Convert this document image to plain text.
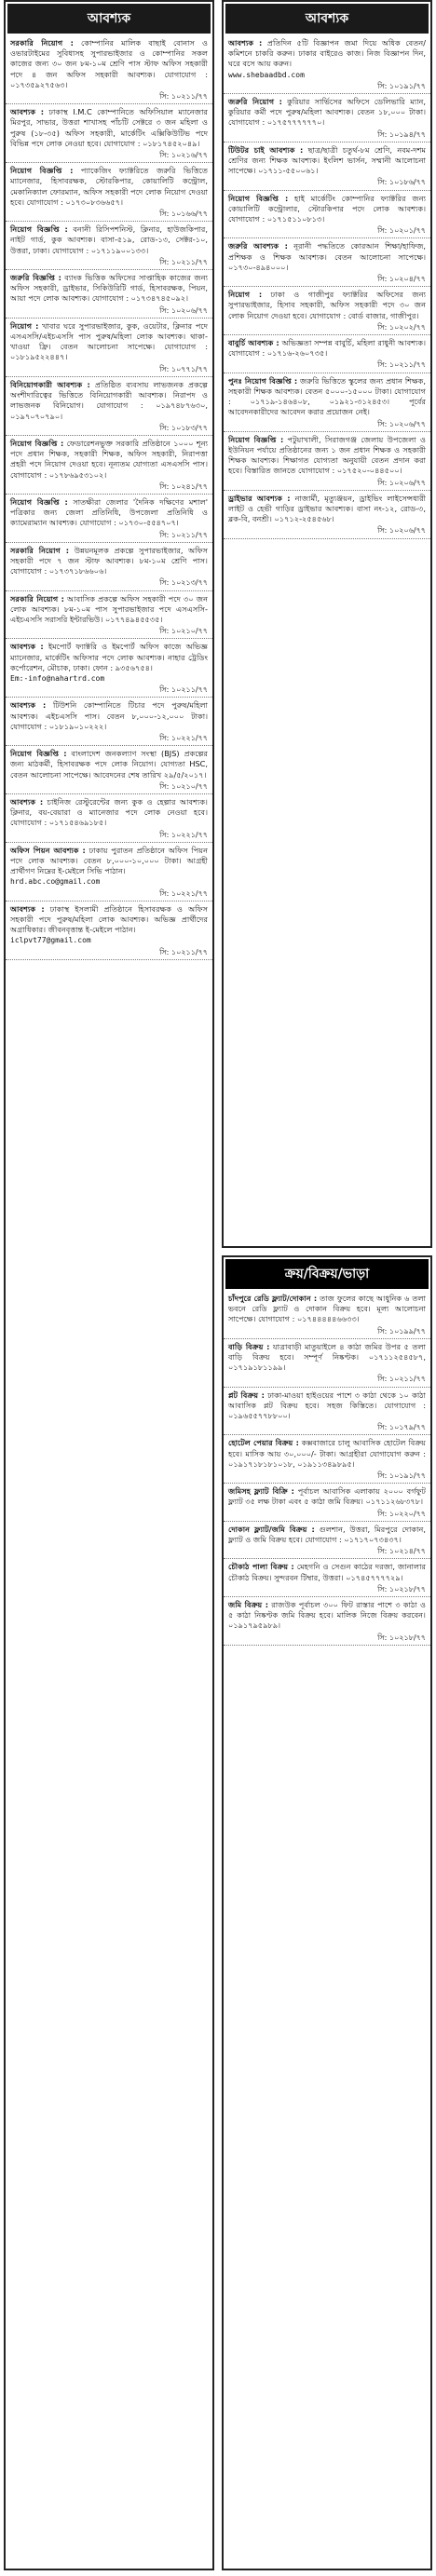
আবশ্যক
সরকারি নিয়োগ : কোম্পানির মালিক বাছাই বোনাস ও ওভারটাইমের সুবিধাসহ সুপারভাইজার ও কোম্পানির সকল কাজের জন্য ৩০ জন ৮ম-১০ম শ্রেণি পাস স্টাফ অফিস সহকারী পদে ৪ জন অফিস সহকারী আবশ্যক। যোগাযোগ : ০১৭৩৫৯২৭৫৬৩।
সি: ১০২১১/৭৭
আবশ্যক : ঢাকাস্থ I.M.C কোম্পানিতে অফিসিয়াল ম্যানেজার মিরপুর, সাভার, উত্তরা শাখাসহ পাঁচটি সেক্টরে ৩ জন মহিলা ও পুরুষ (১৮-৩৫) অফিস সহকারী, মার্কেটিং এক্সিকিউটিভ পদে বিভিন্ন পদে লোক নেওয়া হবে। যোগাযোগ : ০১৮১৭৪৫২০৪৯।
সি: ১০২১৬/৭৭
নিয়োগ বিজ্ঞপ্তি : প্যাকেজিং ফ্যাক্টরিতে জরুরি ভিত্তিতে ম্যানেজার, হিসাবরক্ষক, স্টোরকিপার, কোয়ালিটি কন্ট্রোল, মেকানিক্যাল ফোরম্যান, অফিস সহকারী পদে লোক নিয়োগ দেওয়া হবে। যোগাযোগ : ০১৭৩০৮৩৬৬৫৭।
সি: ১০১৬৬/৭৭
নিয়োগ বিজ্ঞপ্তি : বনানী রিসিপশনিস্ট, ক্লিনার, হাউজকিপার, নাইট গার্ড, কুক আবশ্যক। বাসা-৫১৯, রোড-১৩, সেক্টর-১০, উত্তরা, ঢাকা। যোগাযোগ : ০১৭১১৯০০১৩৩।
সি: ১০২১১/৭৭
জরুরি বিজ্ঞপ্তি : ব্যাংক ভিত্তিক অফিসের সাপ্তাহিক কাজের জন্য অফিস সহকারী, ড্রাইভার, সিকিউরিটি গার্ড, হিসাবরক্ষক, পিয়ন, আয়া পদে লোক আবশ্যক। যোগাযোগ : ০১৭৩৪৭৪৫০৯২।
সি: ১০২০৬/৭৭
নিয়োগ : খাবার ঘরে সুপারভাইজার, কুক, ওয়েটার, ক্লিনার পদে এসএসসি/এইচএসসি পাস পুরুষ/মহিলা লোক আবশ্যক। থাকা-খাওয়া ফ্রি। বেতন আলোচনা সাপেক্ষে। যোগাযোগ : ০১৮১৯৫২২৪৪৭।
সি: ১০৭৭১/৭৭
বিনিয়োগকারী আবশ্যক : প্রতিষ্ঠিত ব্যবসায় লাভজনক প্রকল্পে অংশীদারিত্বের ভিত্তিতে বিনিয়োগকারী আবশ্যক। নিরাপদ ও লাভজনক বিনিয়োগ। যোগাযোগ : ০১৯৭৪৮৭৬৩০, ০১৯৭০৭০৭৯০।
সি: ১০১৮৩/৭৭
নিয়োগ বিজ্ঞপ্তি : ফেডারেশনভুক্ত সরকারি প্রতিষ্ঠানে ১০০০ শূন্য পদে প্রধান শিক্ষক, সহকারী শিক্ষক, অফিস সহকারী, নিরাপত্তা প্রহরী পদে নিয়োগ দেওয়া হবে। নূন্যতম যোগ্যতা এসএসসি পাস। যোগাযোগ : ০১৭৮৬৯৫৩১০২।
সি: ১০২৪১/৭৭
নিয়োগ বিজ্ঞপ্তি : সাতক্ষীরা জেলার 'দৈনিক দক্ষিণের মশাল' পত্রিকার জন্য জেলা প্রতিনিধি, উপজেলা প্রতিনিধি ও ক্যামেরাম্যান আবশ্যক। যোগাযোগ : ০১৭৩০-৫৫৪৭০৭।
সি: ১০২১১/৭৭
সরকারি নিয়োগ : উন্নয়নমূলক প্রকল্পে সুপারভাইজার, অফিস সহকারী পদে ৭ জন স্টাফ আবশ্যক। ৮ম-১০ম শ্রেণি পাস। যোগাযোগ : ০১৭৩৭১৮৬৬০৬।
সি: ১০২১৩/৭৭
সরকারি নিয়োগ : আবাসিক প্রকল্পে অফিস সহকারী পদে ৩০ জন লোক আবশ্যক। ৮ম-১০ম পাস সুপারভাইজার পদে এসএসসি-এইচএসসি সরাসরি ইন্টারভিউ। ০১৭৭৪৯৪৫৫৩৫।
সি: ১০২১০/৭৭
আবশ্যক : ইমপোর্ট ফ্যাক্টরি ও ইমপোর্ট অফিস কাজে অভিজ্ঞ ম্যানেজার, মার্কেটিং অফিসার পদে লোক আবশ্যক। নাহার ট্রেডিং কর্পোরেশন, মৌচাক, ঢাকা। ফোন : ৯৩৫৬৭৫৪।
Em:-info@nahartrd.com
সি: ১০২১১/৭৭
আবশ্যক : টিউশনি কোম্পানিতে টিচার পদে পুরুষ/মহিলা আবশ্যক। এইচএসসি পাস। বেতন ৮,০০০-১২,০০০ টাকা। যোগাযোগ : ০১৮১৯০১০২২২।
সি: ১০২২১/৭৭
নিয়োগ বিজ্ঞপ্তি : বাংলাদেশ জনকল্যাণ সংস্থা (BJS) প্রকল্পের জন্য মাঠকর্মী, হিসাবরক্ষক পদে লোক নিয়োগ। যোগ্যতা HSC, বেতন আলোচনা সাপেক্ষে। আবেদনের শেষ তারিখ ২৯/৫/২০১৭।
সি: ১০২১০/৭৭
আবশ্যক : চাইনিজ রেস্টুরেন্টের জন্য কুক ও হেল্পার আবশ্যক। ক্লিনার, বয়-বেয়ারা ও ম্যানেজার পদে লোক নেওয়া হবে। যোগাযোগ : ০১৭১৫৪৬৯১৮৫।
সি: ১০২২১/৭৭
অফিস পিয়ন আবশ্যক : ঢাকায় পুরাতন প্রতিষ্ঠানে অফিস পিয়ন পদে লোক আবশ্যক। বেতন ৮,০০০-১০,০০০ টাকা। আগ্রহী প্রার্থীগণ নিম্নের ই-মেইলে সিভি পাঠান।
hrd.abc.co@gmail.com
সি: ১০২২১/৭৭
আবশ্যক : ঢাকাস্থ ইসলামী প্রতিষ্ঠানে হিসাবরক্ষক ও অফিস সহকারী পদে পুরুষ/মহিলা লোক আবশ্যক। অভিজ্ঞ প্রার্থীদের অগ্রাধিকার। জীবনবৃত্তান্ত ই-মেইলে পাঠান।
iclpvt77@gmail.com
সি: ১০২১১/৭৭
আবশ্যক
আবশ্যক : প্রতিদিন ৫টি বিজ্ঞাপন জমা দিয়ে অধিক বেতন/কমিশনে চাকরি করুন। ঢাকার বাইরেও কাজ। নিজ বিজ্ঞাপন দিন, ঘরে বসে আয় করুন।
www.shebaadbd.com
সি: ১০১৯১/৭৭
জরুরি নিয়োগ : কুরিয়ার সার্ভিসের অফিসে ডেলিভারি ম্যান, কুরিয়ার কর্মী পদে পুরুষ/মহিলা আবশ্যক। বেতন ১৮,০০০ টাকা। যোগাযোগ : ০১৭৫৭৭৭৭৭৭০।
সি: ১০১৯৪/৭৭
টিউটর চাই আবশ্যক : ছাত্র/ছাত্রী চতুর্থ-৮ম শ্রেণি, নবম-দশম শ্রেণির জন্য শিক্ষক আবশ্যক। ইংলিশ ভার্সন, সম্মানী আলোচনা সাপেক্ষে। ০১৭১১-৫৫০০৬১।
সি: ১০১৮৬/৭৭
নিয়োগ বিজ্ঞপ্তি : হাই মার্কেটিং কোম্পানির ফ্যাক্টরির জন্য কোয়ালিটি কন্ট্রোলার, স্টোরকিপার পদে লোক আবশ্যক। যোগাযোগ : ০১৭১৫১১০৮১৩।
সি: ১০২০১/৭৭
জরুরি আবশ্যক : নূরানী পদ্ধতিতে কোরআন শিক্ষা/হাফিজ, প্রশিক্ষক ও শিক্ষক আবশ্যক। বেতন আলোচনা সাপেক্ষে। ০১৭৩০-৪৯৪০০০।
সি: ১০২০৪/৭৭
নিয়োগ : ঢাকা ও গাজীপুর ফ্যাক্টরির অফিসের জন্য সুপারভাইজার, হিসাব সহকারী, অফিস সহকারী পদে ৩০ জন লোক নিয়োগ দেওয়া হবে। যোগাযোগ : বোর্ড বাজার, গাজীপুর।
সি: ১০২০২/৭৭
বাবুর্চি আবশ্যক : অভিজ্ঞতা সম্পন্ন বাবুর্চি, মহিলা রাধুনী আবশ্যক। যোগাযোগ : ০১৭১৬-২৬০৭৩৫।
সি: ১০২১১/৭৭
পুনঃ নিয়োগ বিজ্ঞপ্তি : জরুরি ভিত্তিতে স্কুলের জন্য প্রধান শিক্ষক, সহকারী শিক্ষক আবশ্যক। বেতন ৫০০০-১৫০০০ টাকা। যোগাযোগ : ০১৭১৯-১৪৬৪০৮, ০১৯২১-৩১২৪৫৩। পূর্বের আবেদনকারীদের আবেদন করার প্রয়োজন নেই।
সি: ১০২০৬/৭৭
নিয়োগ বিজ্ঞপ্তি : পটুয়াখালী, সিরাজগঞ্জ জেলায় উপজেলা ও ইউনিয়ন পর্যায়ে প্রতিষ্ঠানের জন্য ১ জন প্রধান শিক্ষক ও সহকারী শিক্ষক আবশ্যক। শিক্ষাগত যোগ্যতা অনুযায়ী বেতন প্রদান করা হবে। বিস্তারিত জানতে যোগাযোগ : ০১৭৫২০-০৪৪৫০০।
সি: ১০২০৬/৭৭
ড্রাইভার আবশ্যক : নাজার্মী, মৃত্যুঞ্জয়ন, ড্রাইভিং লাইসেন্সধারী লাইট ও হেভী গাড়ির ড্রাইভার আবশ্যক। বাসা নং-১২, রোড-৩, ব্লক-বি, বনশ্রী। ০১৭১২-২৫৪৫৬৮।
সি: ১০২০৬/৭৭
ক্রয়/বিক্রয়/ভাড়া
চাঁদপুরে রেডি ফ্ল্যাট/দোকান : তাজ ফুলের কাছে আধুনিক ৬ তলা ভবনে রেডি ফ্ল্যাট ও দোকান বিক্রয় হবে। মূল্য আলোচনা সাপেক্ষে। যোগাযোগ : ০১৭৪৪৪৪৪৬৬৩৩।
সি: ১০১৯৯/৭৭
বাড়ি বিক্রয় : যাত্রাবাড়ী মাতুয়াইলে ৪ কাঠা জমির উপর ৫ তলা বাড়ি বিক্রয় হবে। সম্পূর্ণ নিষ্কণ্টক। ০১৭১১২৫৪৫৮৭, ০১৭১৯১৮১১৯৯।
সি: ১০২১১/৭৭
প্লট বিক্রয় : ঢাকা-মাওয়া হাইওয়ের পাশে ৩ কাঠা থেকে ১০ কাঠা আবাসিক প্লট বিক্রয় হবে। সহজ কিস্তিতে। যোগাযোগ : ০১৯৬৫৫৭৭৮৮০০।
সি: ১০১৭৯/৭৭
হোটেল পেয়ার বিক্রয় : কক্সবাজারে চালু আবাসিক হোটেল বিক্রয় হবে। মাসিক আয় ৩০,০০০/- টাকা। আগ্রহীরা যোগাযোগ করুন : ০১৯১৭১৮১৮১০১৮, ০১৯১১৩৪৯৮৯৫।
সি: ১০১৯১/৭৭
জমিসহ ফ্ল্যাট বিক্রি : পূর্বাচল আবাসিক এলাকায় ২০০০ বর্গফুট ফ্ল্যাট ৩৫ লক্ষ টাকা এবং ৫ কাঠা জমি বিক্রয়। ০১৭১১২৬৮৩৭৮।
সি: ১০২২০/৭৭
দোকান ফ্ল্যাট/জমি বিক্রয় : গুলশান, উত্তরা, মিরপুরে দোকান, ফ্ল্যাট ও জমি বিক্রয় হবে। যোগাযোগ : ০১৭১৭০৭৩৪৩৭।
সি: ১০২১৪/৭৭
চৌকাঠ পালা বিক্রয় : মেহগনি ও সেগুন কাঠের দরজা, জানালার চৌকাঠ বিক্রয়। সুন্দরবন টিম্বার, উত্তরা। ০১৭৪৫৭৭৭৭২৯।
সি: ১০২১৮/৭৭
জমি বিক্রয় : রাজউক পূর্বাচল ৩০০ ফিট রাস্তার পাশে ৩ কাঠা ও ৫ কাঠা নিষ্কণ্টক জমি বিক্রয় হবে। মালিক নিজে বিক্রয় করবেন। ০১৯১৭৯৫৯৮৯।
সি: ১০২১৮/৭৭
